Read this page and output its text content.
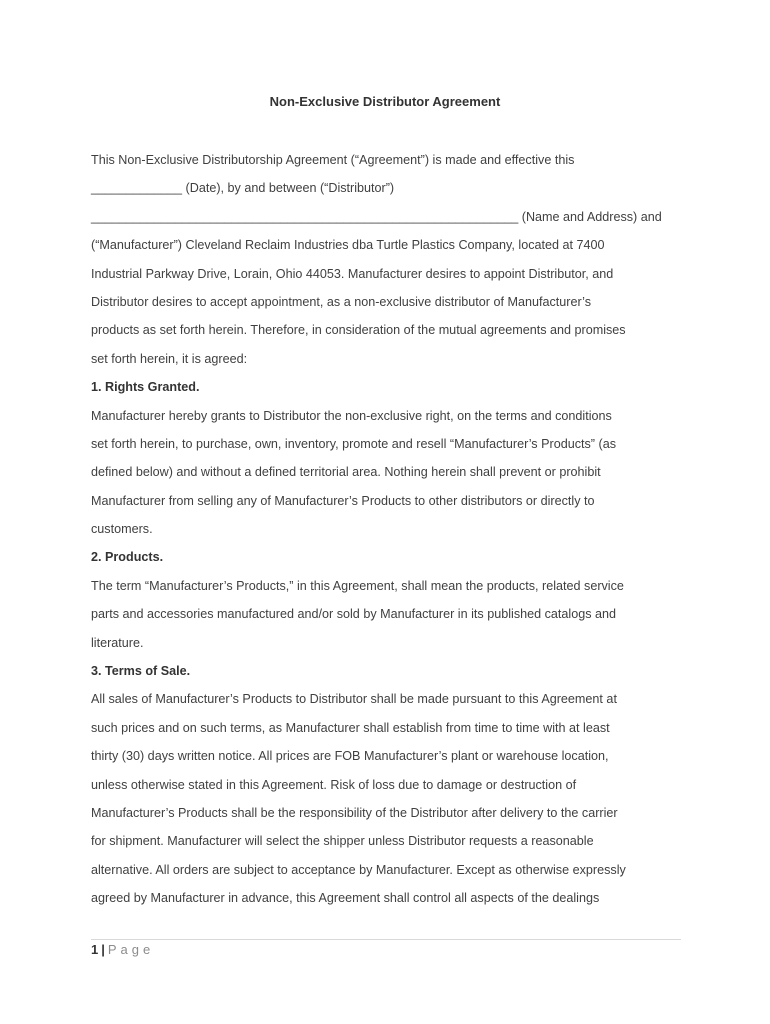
Non-Exclusive Distributor Agreement
This Non-Exclusive Distributorship Agreement (“Agreement”) is made and effective this
_____________ (Date), by and between (“Distributor”)
_____________________________________________________________ (Name and Address) and
(“Manufacturer”) Cleveland Reclaim Industries dba Turtle Plastics Company, located at 7400
Industrial Parkway Drive, Lorain, Ohio 44053. Manufacturer desires to appoint Distributor, and
Distributor desires to accept appointment, as a non-exclusive distributor of Manufacturer’s
products as set forth herein. Therefore, in consideration of the mutual agreements and promises
set forth herein, it is agreed:
1. Rights Granted.
Manufacturer hereby grants to Distributor the non-exclusive right, on the terms and conditions
set forth herein, to purchase, own, inventory, promote and resell “Manufacturer’s Products” (as
defined below) and without a defined territorial area. Nothing herein shall prevent or prohibit
Manufacturer from selling any of Manufacturer’s Products to other distributors or directly to
customers.
2. Products.
The term “Manufacturer’s Products,” in this Agreement, shall mean the products, related service
parts and accessories manufactured and/or sold by Manufacturer in its published catalogs and
literature.
3. Terms of Sale.
All sales of Manufacturer’s Products to Distributor shall be made pursuant to this Agreement at
such prices and on such terms, as Manufacturer shall establish from time to time with at least
thirty (30) days written notice. All prices are FOB Manufacturer’s plant or warehouse location,
unless otherwise stated in this Agreement. Risk of loss due to damage or destruction of
Manufacturer’s Products shall be the responsibility of the Distributor after delivery to the carrier
for shipment. Manufacturer will select the shipper unless Distributor requests a reasonable
alternative. All orders are subject to acceptance by Manufacturer. Except as otherwise expressly
agreed by Manufacturer in advance, this Agreement shall control all aspects of the dealings
1 | Page
